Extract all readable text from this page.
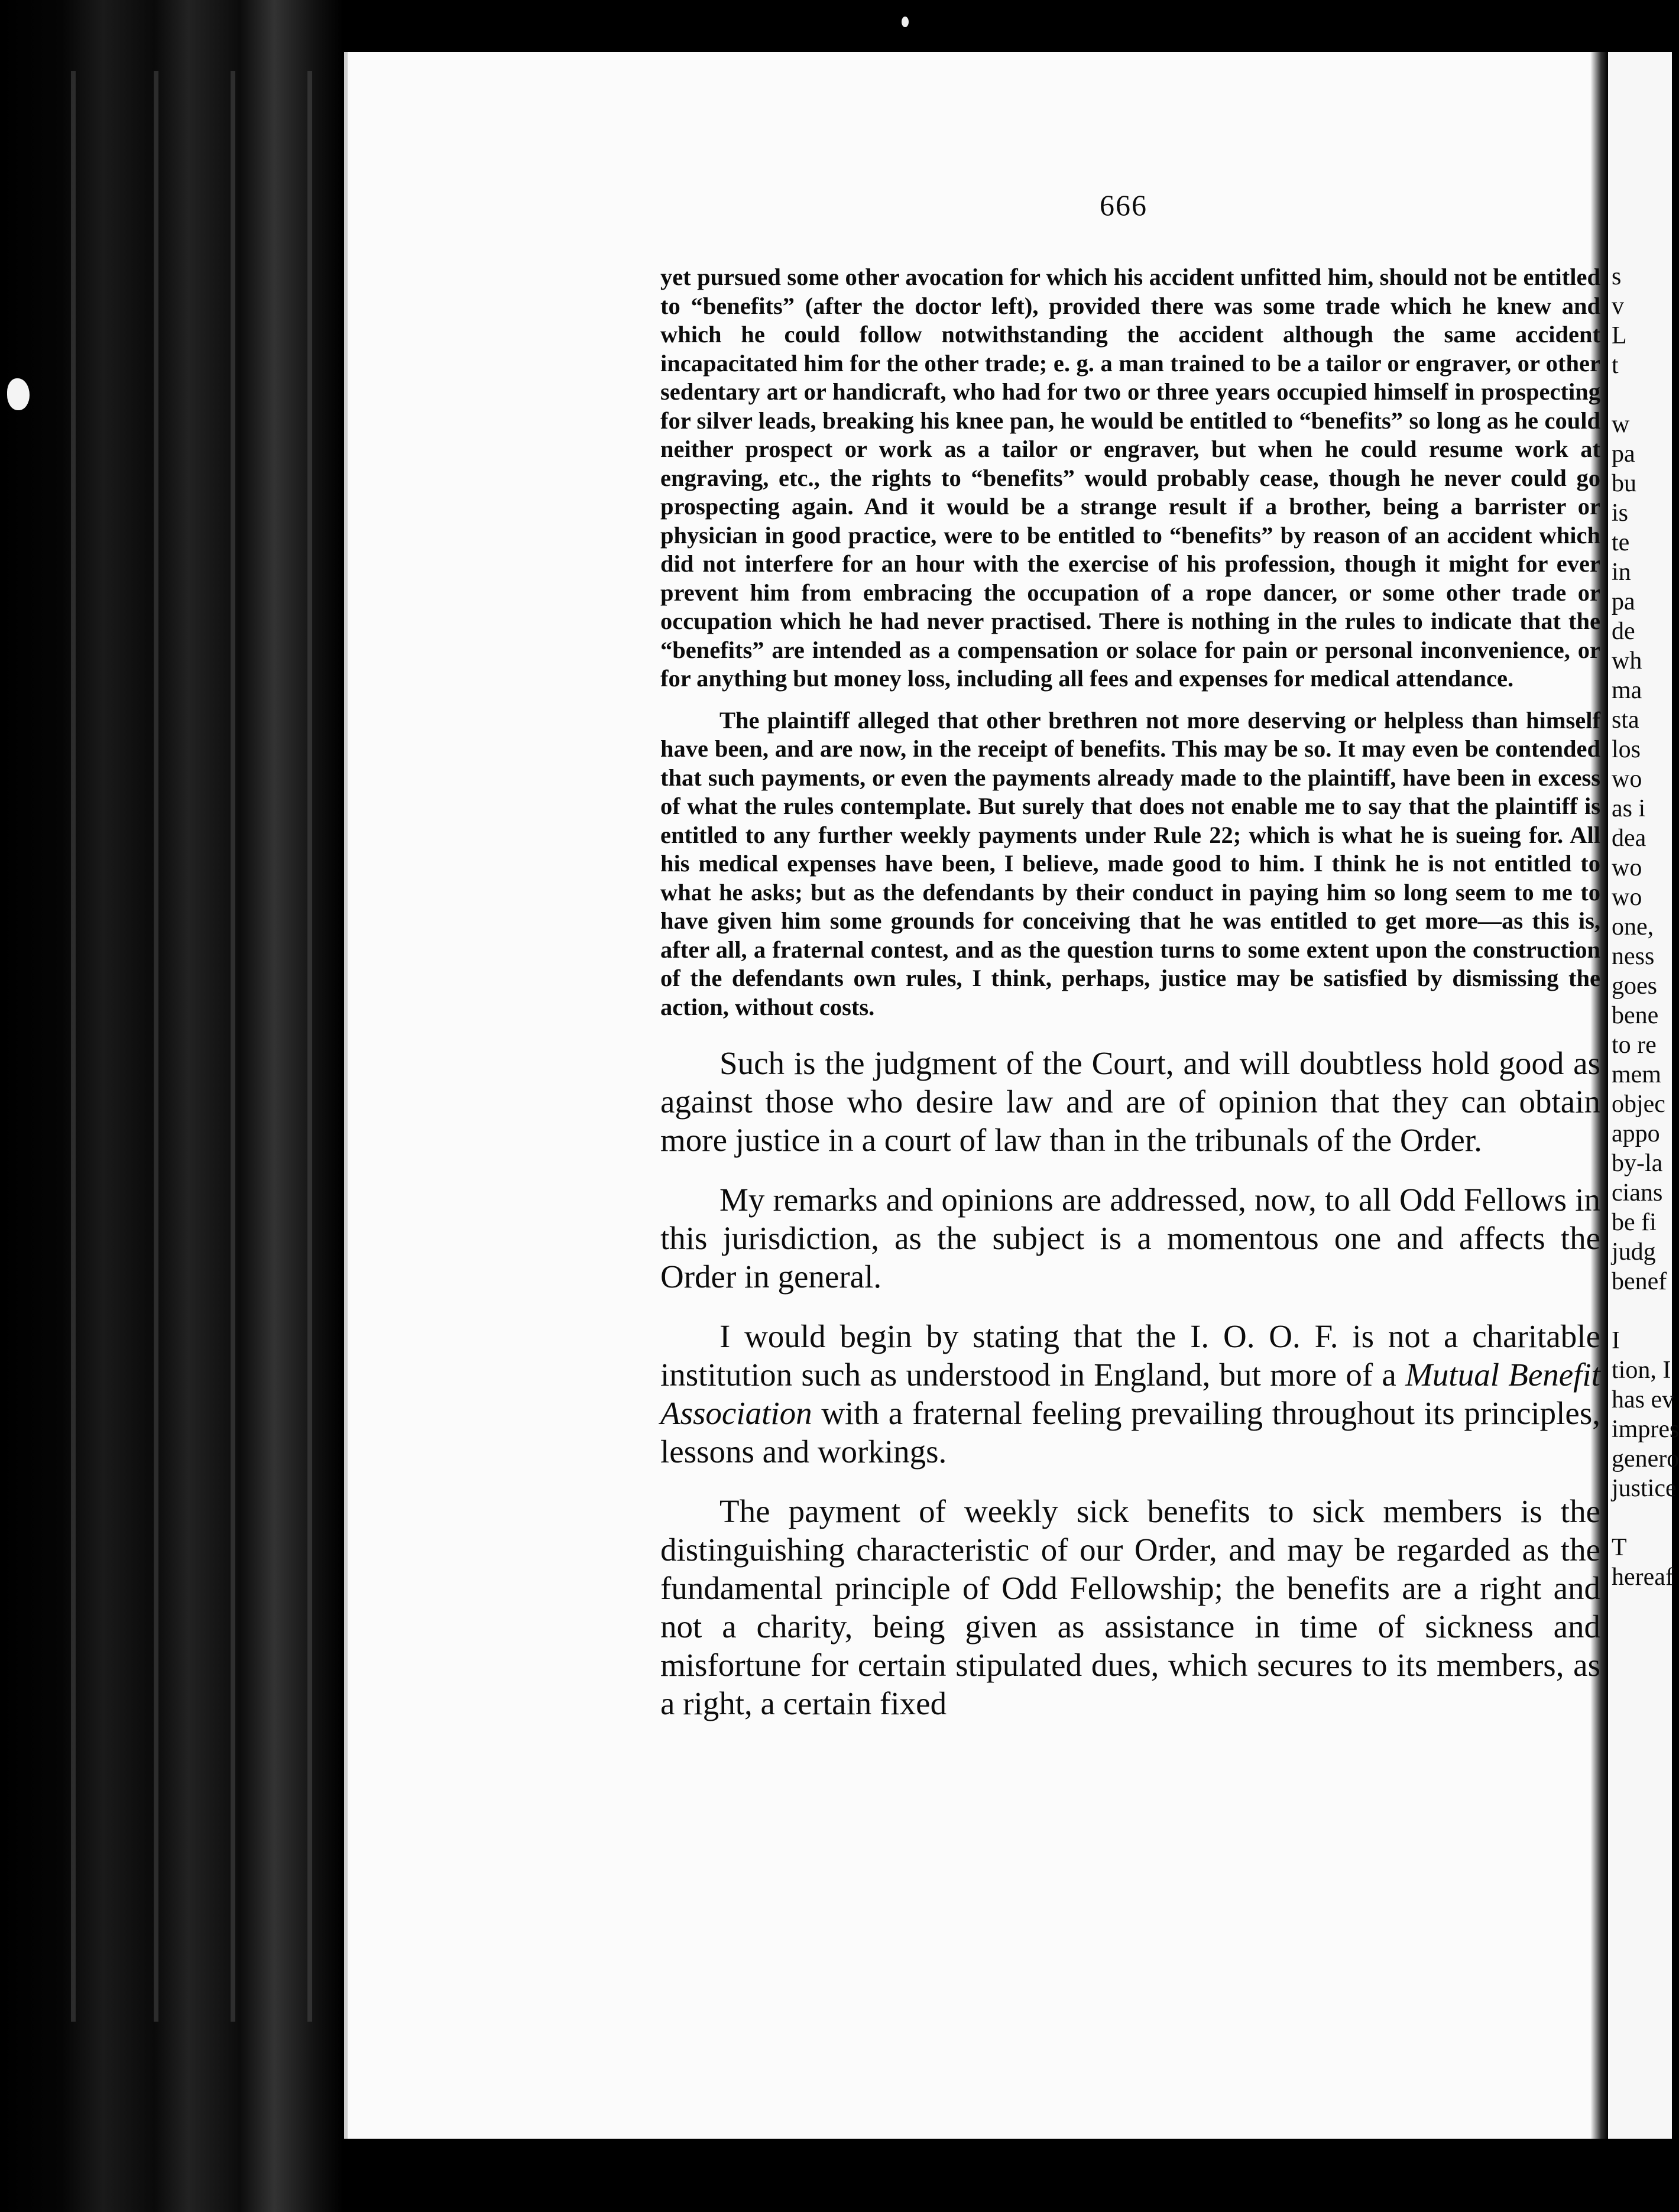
s
v
L
t

w
pa
bu
is
te
in
pa
de
wh
ma
sta
los
wo
as i
dea
wo
wo
one,
ness
goes
bene
to re
mem
objec
appo
by-la
cians
be fi
judg
benef

I
tion, I
has ev
impres
genero
justice

T
hereaf
666

yet pursued some other avocation for which his accident unfitted him, should not be entitled to “benefits” (after the doctor left), provided there was some trade which he knew and which he could follow notwithstanding the accident although the same accident incapacitated him for the other trade; e. g. a man trained to be a tailor or engraver, or other sedentary art or handicraft, who had for two or three years occupied himself in prospecting for silver leads, breaking his knee pan, he would be entitled to “benefits” so long as he could neither prospect or work as a tailor or engraver, but when he could resume work at engraving, etc., the rights to “benefits” would probably cease, though he never could go prospecting again. And it would be a strange result if a brother, being a barrister or physician in good practice, were to be entitled to “benefits” by reason of an accident which did not interfere for an hour with the exercise of his profession, though it might for ever prevent him from embracing the occupation of a rope dancer, or some other trade or occupation which he had never practised. There is nothing in the rules to indicate that the “benefits” are intended as a compensation or solace for pain or personal inconvenience, or for anything but money loss, including all fees and expenses for medical attendance.

The plaintiff alleged that other brethren not more deserving or helpless than himself have been, and are now, in the receipt of benefits. This may be so. It may even be contended that such payments, or even the payments already made to the plaintiff, have been in excess of what the rules contemplate. But surely that does not enable me to say that the plaintiff is entitled to any further weekly payments under Rule 22; which is what he is sueing for. All his medical expenses have been, I believe, made good to him. I think he is not entitled to what he asks; but as the defendants by their conduct in paying him so long seem to me to have given him some grounds for conceiving that he was entitled to get more—as this is, after all, a fraternal contest, and as the question turns to some extent upon the construction of the defendants own rules, I think, perhaps, justice may be satisfied by dismissing the action, without costs.

Such is the judgment of the Court, and will doubtless hold good as against those who desire law and are of opinion that they can obtain more justice in a court of law than in the tribunals of the Order.

My remarks and opinions are addressed, now, to all Odd Fellows in this jurisdiction, as the subject is a momentous one and affects the Order in general.

I would begin by stating that the I. O. O. F. is not a charitable institution such as understood in England, but more of a Mutual Benefit Association with a fraternal feeling prevailing throughout its principles, lessons and workings.

The payment of weekly sick benefits to sick members is the distinguishing characteristic of our Order, and may be regarded as the fundamental principle of Odd Fellowship; the benefits are a right and not a charity, being given as assistance in time of sickness and misfortune for certain stipulated dues, which secures to its members, as a right, a certain fixed
